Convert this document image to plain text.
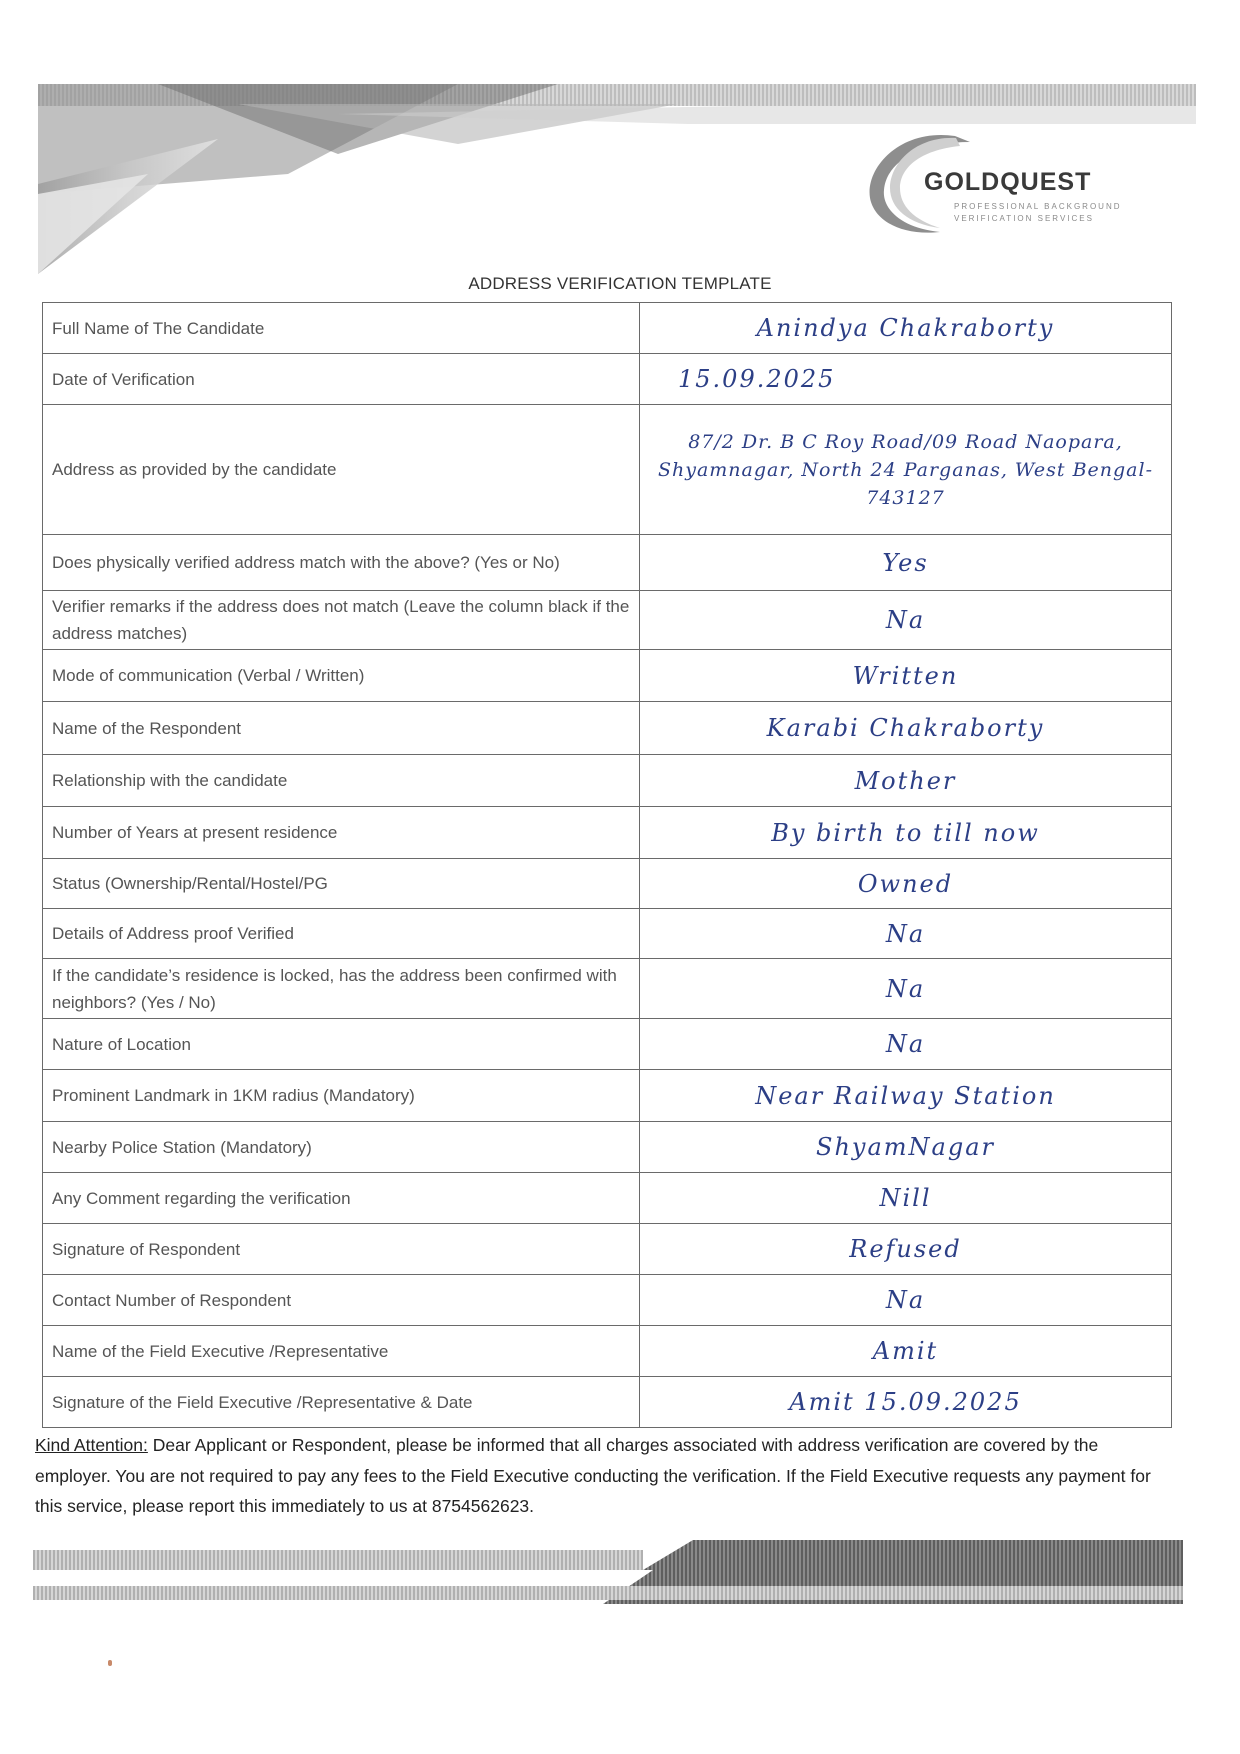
GOLDQUEST
PROFESSIONAL BACKGROUND
VERIFICATION SERVICES
ADDRESS VERIFICATION TEMPLATE
Full Name of The Candidate	Anindya Chakraborty
Date of Verification	15.09.2025
Address as provided by the candidate	87/2 Dr. B C Roy Road/09 Road Naopara, Shyamnagar, North 24 Parganas, West Bengal-743127
Does physically verified address match with the above? (Yes or No)	Yes
Verifier remarks if the address does not match (Leave the column black if the address matches)	Na
Mode of communication (Verbal / Written)	Written
Name of the Respondent	Karabi Chakraborty
Relationship with the candidate	Mother
Number of Years at present residence	By birth to till now
Status (Ownership/Rental/Hostel/PG	Owned
Details of Address proof Verified	Na
If the candidate’s residence is locked, has the address been confirmed with neighbors? (Yes / No)	Na
Nature of Location	Na
Prominent Landmark in 1KM radius (Mandatory)	Near Railway Station
Nearby Police Station (Mandatory)	ShyamNagar
Any Comment regarding the verification	Nill
Signature of Respondent	Refused
Contact Number of Respondent	Na
Name of the Field Executive /Representative	Amit
Signature of the Field Executive /Representative & Date	Amit 15.09.2025
Kind Attention: Dear Applicant or Respondent, please be informed that all charges associated with address verification are covered by the employer. You are not required to pay any fees to the Field Executive conducting the verification. If the Field Executive requests any payment for this service, please report this immediately to us at 8754562623.
